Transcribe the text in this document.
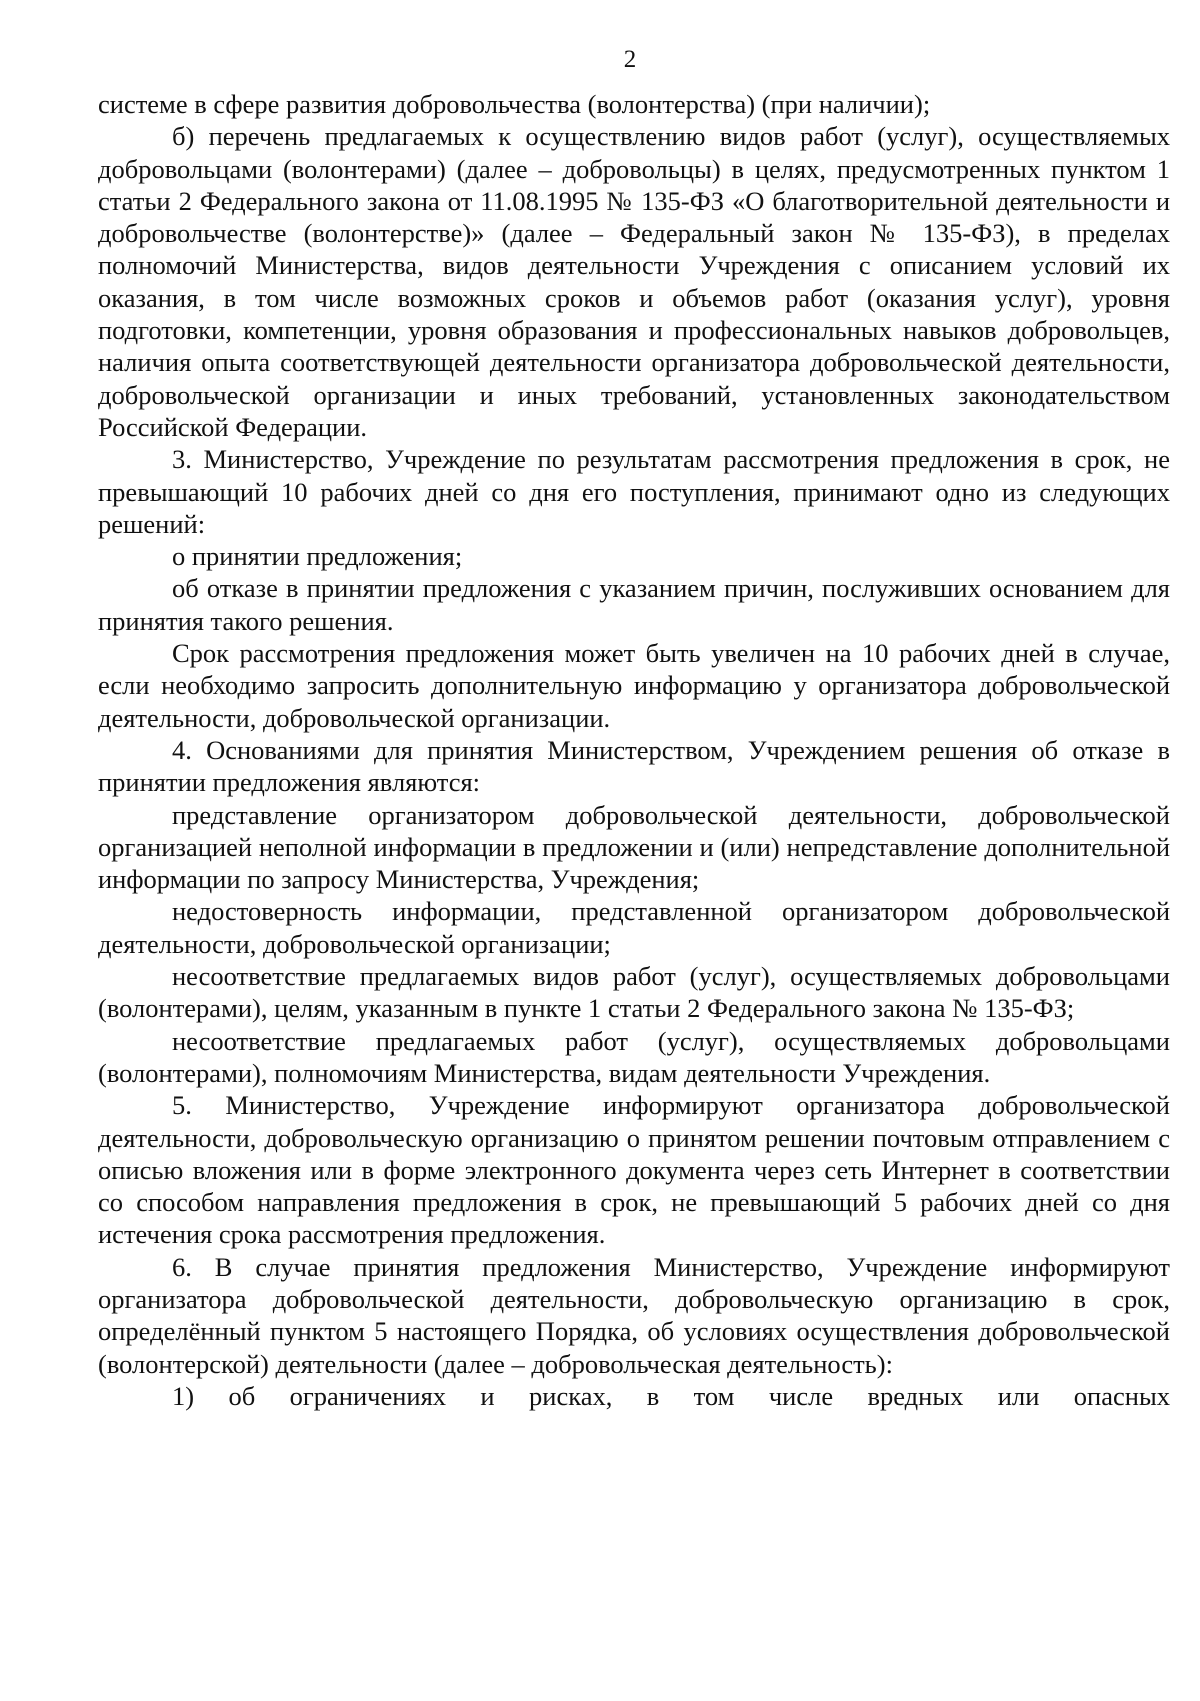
2

системе в сфере развития добровольчества (волонтерства) (при наличии);

б) перечень предлагаемых к осуществлению видов работ (услуг), осуществляемых добровольцами (волонтерами) (далее – добровольцы) в целях, предусмотренных пунктом 1 статьи 2 Федерального закона от 11.08.1995 № 135-ФЗ «О благотворительной деятельности и добровольчестве (волонтерстве)» (далее – Федеральный закон № 135-ФЗ), в пределах полномочий Министерства, видов деятельности Учреждения с описанием условий их оказания, в том числе возможных сроков и объемов работ (оказания услуг), уровня подготовки, компетенции, уровня образования и профессиональных навыков добровольцев, наличия опыта соответствующей деятельности организатора добровольческой деятельности, добровольческой организации и иных требований, установленных законодательством Российской Федерации.

3. Министерство, Учреждение по результатам рассмотрения предложения в срок, не превышающий 10 рабочих дней со дня его поступления, принимают одно из следующих решений:

о принятии предложения;

об отказе в принятии предложения с указанием причин, послуживших основанием для принятия такого решения.

Срок рассмотрения предложения может быть увеличен на 10 рабочих дней в случае, если необходимо запросить дополнительную информацию у организатора добровольческой деятельности, добровольческой организации.

4. Основаниями для принятия Министерством, Учреждением решения об отказе в принятии предложения являются:

представление организатором добровольческой деятельности, добровольческой организацией неполной информации в предложении и (или) непредставление дополнительной информации по запросу Министерства, Учреждения;

недостоверность информации, представленной организатором добровольческой деятельности, добровольческой организации;

несоответствие предлагаемых видов работ (услуг), осуществляемых добровольцами (волонтерами), целям, указанным в пункте 1 статьи 2 Федерального закона № 135-ФЗ;

несоответствие предлагаемых работ (услуг), осуществляемых добровольцами (волонтерами), полномочиям Министерства, видам деятельности Учреждения.

5. Министерство, Учреждение информируют организатора добровольческой деятельности, добровольческую организацию о принятом решении почтовым отправлением с описью вложения или в форме электронного документа через сеть Интернет в соответствии со способом направления предложения в срок, не превышающий 5 рабочих дней со дня истечения срока рассмотрения предложения.

6. В случае принятия предложения Министерство, Учреждение информируют организатора добровольческой деятельности, добровольческую организацию в срок, определённый пунктом 5 настоящего Порядка, об условиях осуществления добровольческой (волонтерской) деятельности (далее – добровольческая деятельность):

1) об ограничениях и рисках, в том числе вредных или опасных
